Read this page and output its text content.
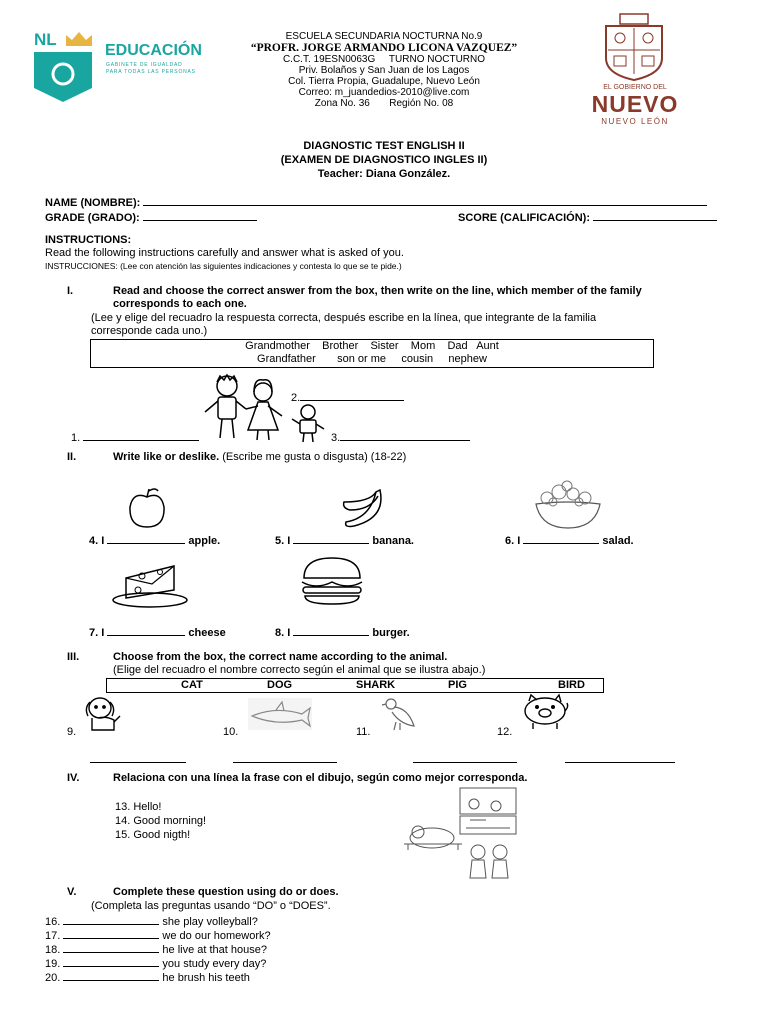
NL
EDUCACIÓN
GABINETE DE IGUALDAD
PARA TODAS LAS PERSONAS
EL GOBIERNO DEL
NUEVO
NUEVO LEÓN
ESCUELA SECUNDARIA NOCTURNA No.9
“PROFR. JORGE ARMANDO LICONA VAZQUEZ”
C.C.T. 19ESN0063G     TURNO NOCTURNO
Priv. Bolaños y San Juan de los Lagos
Col. Tierra Propia, Guadalupe, Nuevo León
Correo: m_juandedios-2010@live.com
Zona No. 36       Región No. 08
DIAGNOSTIC TEST ENGLISH II
(EXAMEN DE DIAGNOSTICO INGLES II)
Teacher: Diana González.
NAME (NOMBRE):
GRADE (GRADO):	SCORE (CALIFICACIÓN):
INSTRUCTIONS:
Read the following instructions carefully and answer what is asked of you.
INSTRUCCIONES: (Lee con atención las siguientes indicaciones y contesta lo que se te pide.)
I.	Read and choose the correct answer from the box, then write on the line, which member of the family
corresponds to each one.
(Lee y elige del recuadro la respuesta correcta, después escribe en la línea, que integrante de la familia
corresponde cada uno.)
Grandmother    Brother    Sister    Mom    Dad   Aunt
Grandfather       son or me     cousin     nephew
2.
1.	3.
II.	Write like or deslike. (Escribe me gusta o disgusta) (18-22)
4. I	apple.	5. I	banana.	6. I	salad.
7. I	cheese	8. I	burger.
III.	Choose from the box, the correct name according to the animal.
(Elige del recuadro el nombre correcto según el animal que se ilustra abajo.)
CAT	DOG	SHARK	PIG	BIRD
9.	10.	11.	12.
IV.	Relaciona con una línea la frase con el dibujo, según como mejor corresponda.
13. Hello!
14. Good morning!
15. Good nigth!
V.	Complete these question using do or does.
(Completa las preguntas usando “DO” o “DOES”.
16.	she play volleyball?
17.	we do our homework?
18.	he live at that house?
19.	you study every day?
20.	he brush his teeth
